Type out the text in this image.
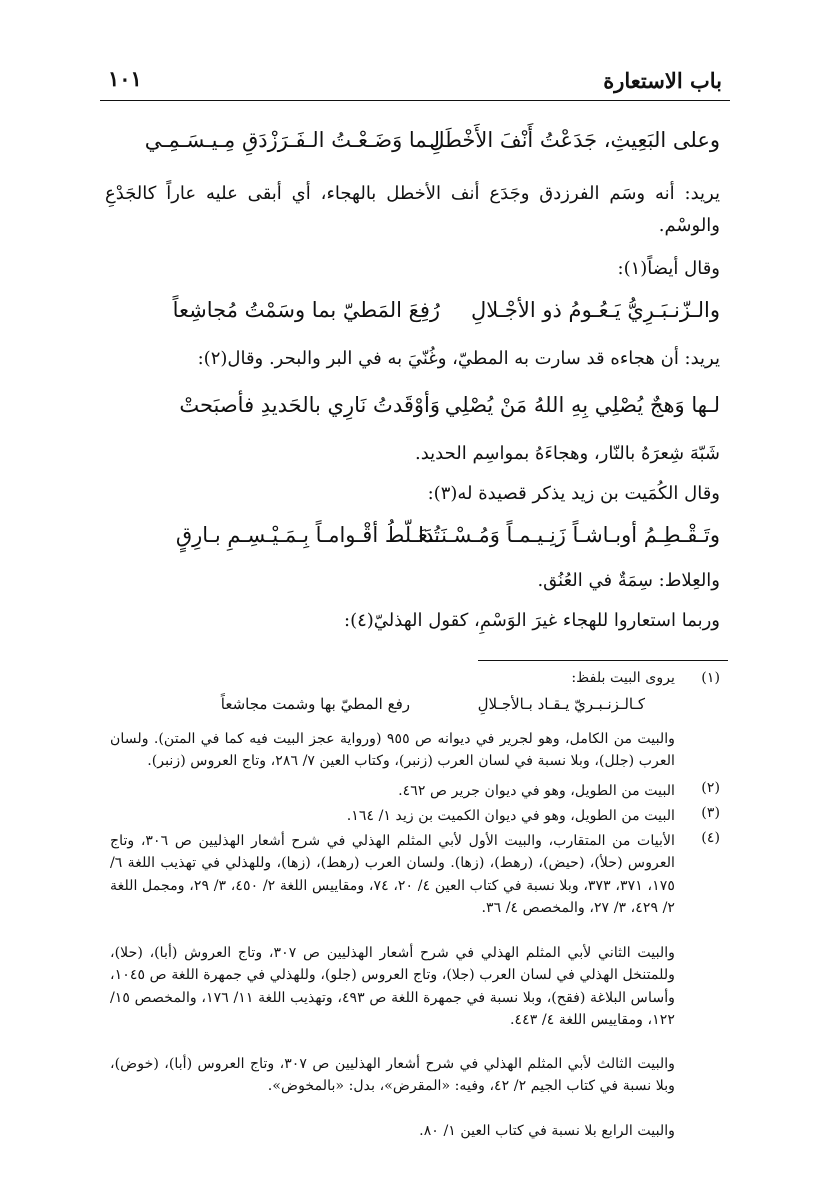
باب الاستعارة
١٠١
لـما وَضَـعْـتُ الـفَـرَزْدَقِ مِـيـسَـمِـي
وعلى البَعِيثِ، جَدَعْتُ أَنْفَ الأَخْطَلِ
يريد: أنه وسَم الفرزدق وجَدَع أنف الأخطل بالهجاء، أي أبقى عليه عاراً كالجَدْعِ والوسْم.
وقال أيضاً(١):
رُفِعَ المَطيّ بما وسَمْتُ مُجاشِعاً والـزّنـبَـرِيُّ يَـعُـومُ ذو الأجْـلالِ
يريد: أن هجاءه قد سارت به المطيّ، وغُنّيَ به في البر والبحر. وقال(٢):
وَأوْقَدتُ نَارِي بالحَديدِ فأصبَحتْ لـها وَهجٌ يُصْلِي بِهِ اللهُ مَنْ يُصْلِي
شَبّهَ شِعرَهُ بالنّار، وهجاءَهُ بمواسِم الحديد.
وقال الكُمَيت بن زيد يذكر قصيدة له(٣):
تُـعَـلّطُ أقْـوامـاً بِـمَـيْـسِـمِ بـارِقٍ
وتَـقْـطِـمُ أوبـاشـاً زَنِـيـمـاً وَمُـسْـنَـدَا
والعِلاط: سِمَةٌ في العُنُق.
وربما استعاروا للهجاء غيرَ الوَسْمِ، كقول الهذليّ(٤):
(١)
يروى البيت بلفظ:
رفع المطيّ بها وشمت مجاشعاً	كـالـزنـبـريّ يـقـاد بـالأجـلالِ
والبيت من الكامل، وهو لجرير في ديوانه ص ٩٥٥ (ورواية عجز البيت فيه كما في المتن). ولسان العرب (جلل)، وبلا نسبة في لسان العرب (زنبر)، وكتاب العين ٧/ ٢٨٦، وتاج العروس (زنبر).
(٢)
البيت من الطويل، وهو في ديوان جرير ص ٤٦٢.
(٣)
البيت من الطويل، وهو في ديوان الكميت بن زيد ١/ ١٦٤.
(٤)
الأبيات من المتقارب، والبيت الأول لأبي المثلم الهذلي في شرح أشعار الهذليين ص ٣٠٦، وتاج العروس (حلأ)، (حيض)، (رهط)، (زها). ولسان العرب (رهط)، (زها)، وللهذلي في تهذيب اللغة ٦/ ١٧٥، ٣٧١، ٣٧٣، وبلا نسبة في كتاب العين ٤/ ٢٠، ٧٤، ومقاييس اللغة ٢/ ٤٥٠، ٣/ ٢٩، ومجمل اللغة ٢/ ٤٢٩، ٣/ ٢٧، والمخصص ٤/ ٣٦.
والبيت الثاني لأبي المثلم الهذلي في شرح أشعار الهذليين ص ٣٠٧، وتاج العروش (أبا)، (حلا)، وللمتنخل الهذلي في لسان العرب (جلا)، وتاج العروس (جلو)، وللهذلي في جمهرة اللغة ص ١٠٤٥، وأساس البلاغة (فقح)، وبلا نسبة في جمهرة اللغة ص ٤٩٣، وتهذيب اللغة ١١/ ١٧٦، والمخصص ١٥/ ١٢٢، ومقاييس اللغة ٤/ ٤٤٣.
والبيت الثالث لأبي المثلم الهذلي في شرح أشعار الهذليين ص ٣٠٧، وتاج العروس (أبا)، (خوض)، وبلا نسبة في كتاب الجيم ٢/ ٤٢، وفيه: «المقرض»، بدل: «بالمخوض».
والبيت الرابع بلا نسبة في كتاب العين ١/ ٨٠.
